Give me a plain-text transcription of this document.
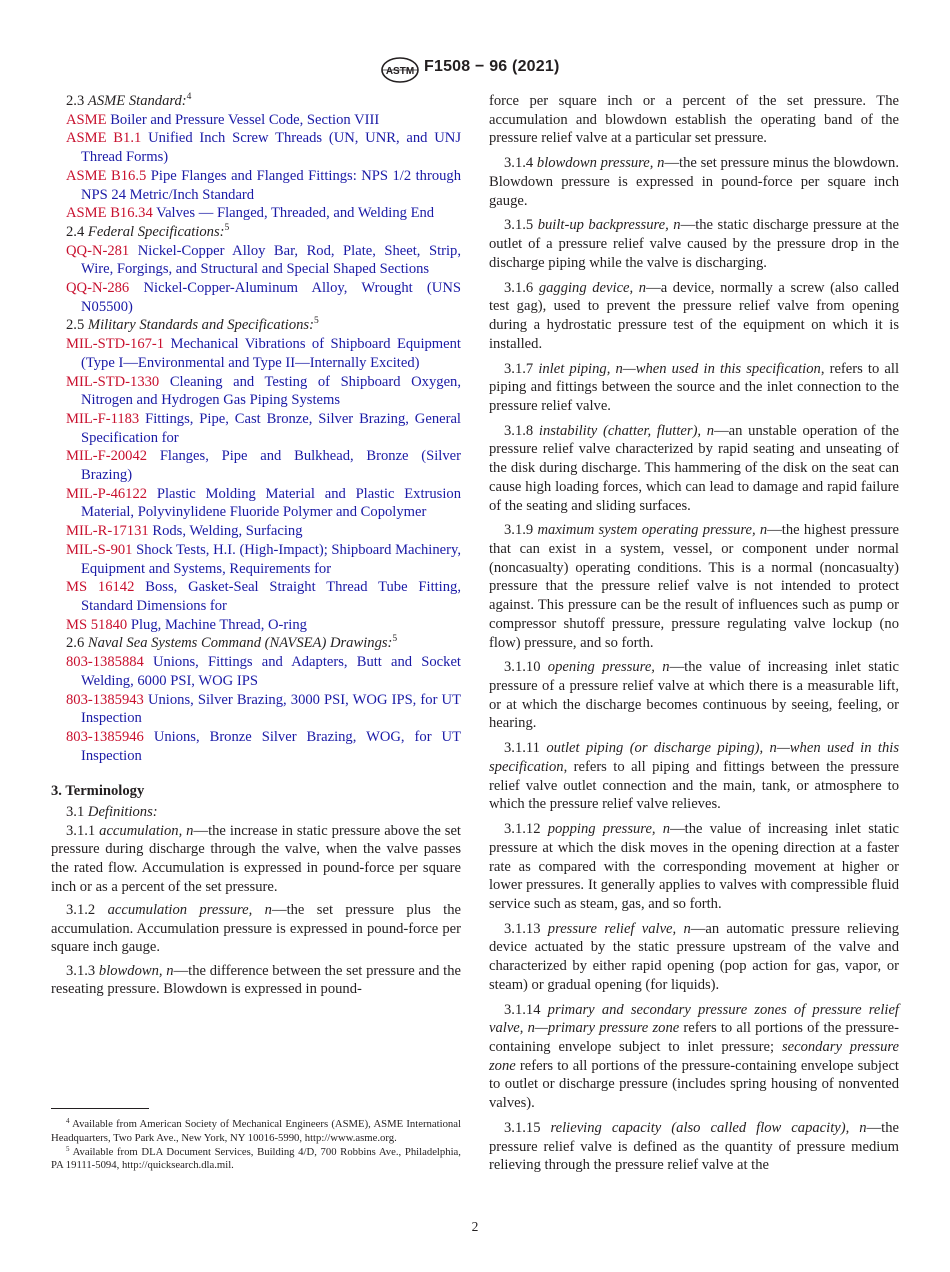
ASTM F1508 − 96 (2021)

2.3 ASME Standard:$^4$

ASME Boiler and Pressure Vessel Code, Section VIII

ASME B1.1 Unified Inch Screw Threads (UN, UNR, and UNJ Thread Forms)

ASME B16.5 Pipe Flanges and Flanged Fittings: NPS 1/2 through NPS 24 Metric/Inch Standard

ASME B16.34 Valves — Flanged, Threaded, and Welding End

2.4 Federal Specifications:$^5$

QQ-N-281 Nickel-Copper Alloy Bar, Rod, Plate, Sheet, Strip, Wire, Forgings, and Structural and Special Shaped Sections

QQ-N-286 Nickel-Copper-Aluminum Alloy, Wrought (UNS N05500)

2.5 Military Standards and Specifications:$^5$

MIL-STD-167-1 Mechanical Vibrations of Shipboard Equipment (Type I—Environmental and Type II—Internally Excited)

MIL-STD-1330 Cleaning and Testing of Shipboard Oxygen, Nitrogen and Hydrogen Gas Piping Systems

MIL-F-1183 Fittings, Pipe, Cast Bronze, Silver Brazing, General Specification for

MIL-F-20042 Flanges, Pipe and Bulkhead, Bronze (Silver Brazing)

MIL-P-46122 Plastic Molding Material and Plastic Extrusion Material, Polyvinylidene Fluoride Polymer and Copolymer

MIL-R-17131 Rods, Welding, Surfacing

MIL-S-901 Shock Tests, H.I. (High-Impact); Shipboard Machinery, Equipment and Systems, Requirements for

MS 16142 Boss, Gasket-Seal Straight Thread Tube Fitting, Standard Dimensions for

MS 51840 Plug, Machine Thread, O-ring

2.6 Naval Sea Systems Command (NAVSEA) Drawings:$^5$

803-1385884 Unions, Fittings and Adapters, Butt and Socket Welding, 6000 PSI, WOG IPS

803-1385943 Unions, Silver Brazing, 3000 PSI, WOG IPS, for UT Inspection

803-1385946 Unions, Bronze Silver Brazing, WOG, for UT Inspection

3. Terminology

3.1 Definitions:

3.1.1 accumulation, n—the increase in static pressure above the set pressure during discharge through the valve, when the valve passes the rated flow. Accumulation is expressed in pound-force per square inch or as a percent of the set pressure.

3.1.2 accumulation pressure, n—the set pressure plus the accumulation. Accumulation pressure is expressed in pound-force per square inch gauge.

3.1.3 blowdown, n—the difference between the set pressure and the reseating pressure. Blowdown is expressed in pound-

force per square inch or a percent of the set pressure. The accumulation and blowdown establish the operating band of the pressure relief valve at a particular set pressure.

3.1.4 blowdown pressure, n—the set pressure minus the blowdown. Blowdown pressure is expressed in pound-force per square inch gauge.

3.1.5 built-up backpressure, n—the static discharge pressure at the outlet of a pressure relief valve caused by the pressure drop in the discharge piping while the valve is discharging.

3.1.6 gagging device, n—a device, normally a screw (also called test gag), used to prevent the pressure relief valve from opening during a hydrostatic pressure test of the equipment on which it is installed.

3.1.7 inlet piping, n—when used in this specification, refers to all piping and fittings between the source and the inlet connection to the pressure relief valve.

3.1.8 instability (chatter, flutter), n—an unstable operation of the pressure relief valve characterized by rapid seating and unseating of the disk during discharge. This hammering of the disk on the seat can cause high loading forces, which can lead to damage and rapid failure of the seating and sliding surfaces.

3.1.9 maximum system operating pressure, n—the highest pressure that can exist in a system, vessel, or component under normal (noncasualty) operating conditions. This is a normal (noncasualty) pressure that the pressure relief valve is not intended to protect against. This pressure can be the result of influences such as pump or compressor shutoff pressure, pressure regulating valve lockup (no flow) pressure, and so forth.

3.1.10 opening pressure, n—the value of increasing inlet static pressure of a pressure relief valve at which there is a measurable lift, or at which the discharge becomes continuous by seeing, feeling, or hearing.

3.1.11 outlet piping (or discharge piping), n—when used in this specification, refers to all piping and fittings between the pressure relief valve outlet connection and the main, tank, or atmosphere to which the pressure relief valve relieves.

3.1.12 popping pressure, n—the value of increasing inlet static pressure at which the disk moves in the opening direction at a faster rate as compared with the corresponding movement at higher or lower pressures. It generally applies to valves with compressible fluid service such as steam, gas, and so forth.

3.1.13 pressure relief valve, n—an automatic pressure relieving device actuated by the static pressure upstream of the valve and characterized by either rapid opening (pop action for gas, vapor, or steam) or gradual opening (for liquids).

3.1.14 primary and secondary pressure zones of pressure relief valve, n—primary pressure zone refers to all portions of the pressure-containing envelope subject to inlet pressure; secondary pressure zone refers to all portions of the pressure-containing envelope subject to outlet or discharge pressure (includes spring housing of nonvented valves).

3.1.15 relieving capacity (also called flow capacity), n—the pressure relief valve is defined as the quantity of pressure medium relieving through the pressure relief valve at the

$^4$ Available from American Society of Mechanical Engineers (ASME), ASME International Headquarters, Two Park Ave., New York, NY 10016-5990, http://www.asme.org.

$^5$ Available from DLA Document Services, Building 4/D, 700 Robbins Ave., Philadelphia, PA 19111-5094, http://quicksearch.dla.mil.

2
